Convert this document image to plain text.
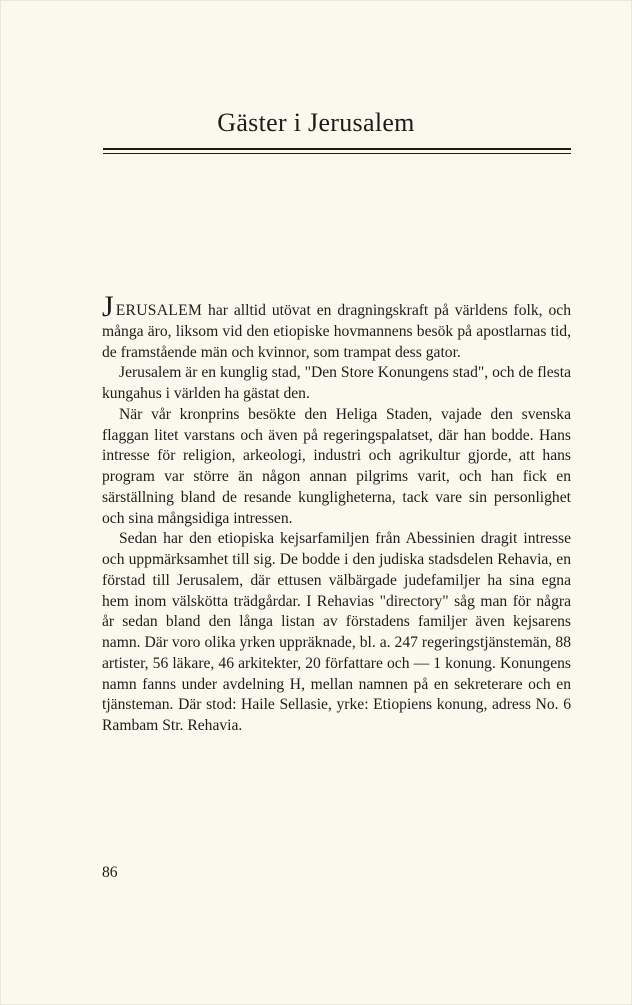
Gäster i Jerusalem

JERUSALEM har alltid utövat en dragningskraft på världens folk, och många äro, liksom vid den etiopiske hovmannens besök på apostlarnas tid, de framstående män och kvinnor, som trampat dess gator.

Jerusalem är en kunglig stad, "Den Store Konungens stad", och de flesta kungahus i världen ha gästat den.

När vår kronprins besökte den Heliga Staden, vajade den svenska flaggan litet varstans och även på regeringspalatset, där han bodde. Hans intresse för religion, arkeologi, industri och agrikultur gjorde, att hans program var större än någon annan pilgrims varit, och han fick en särställning bland de resande kungligheterna, tack vare sin personlighet och sina mångsidiga intressen.

Sedan har den etiopiska kejsarfamiljen från Abessinien dragit intresse och uppmärksamhet till sig. De bodde i den judiska stadsdelen Rehavia, en förstad till Jerusalem, där ettusen välbärgade judefamiljer ha sina egna hem inom välskötta trädgårdar. I Rehavias "directory" såg man för några år sedan bland den långa listan av förstadens familjer även kejsarens namn. Där voro olika yrken uppräknade, bl. a. 247 regeringstjänstemän, 88 artister, 56 läkare, 46 arkitekter, 20 författare och — 1 konung. Konungens namn fanns under avdelning H, mellan namnen på en sekreterare och en tjänsteman. Där stod: Haile Sellasie, yrke: Etiopiens konung, adress No. 6 Rambam Str. Rehavia.

86
